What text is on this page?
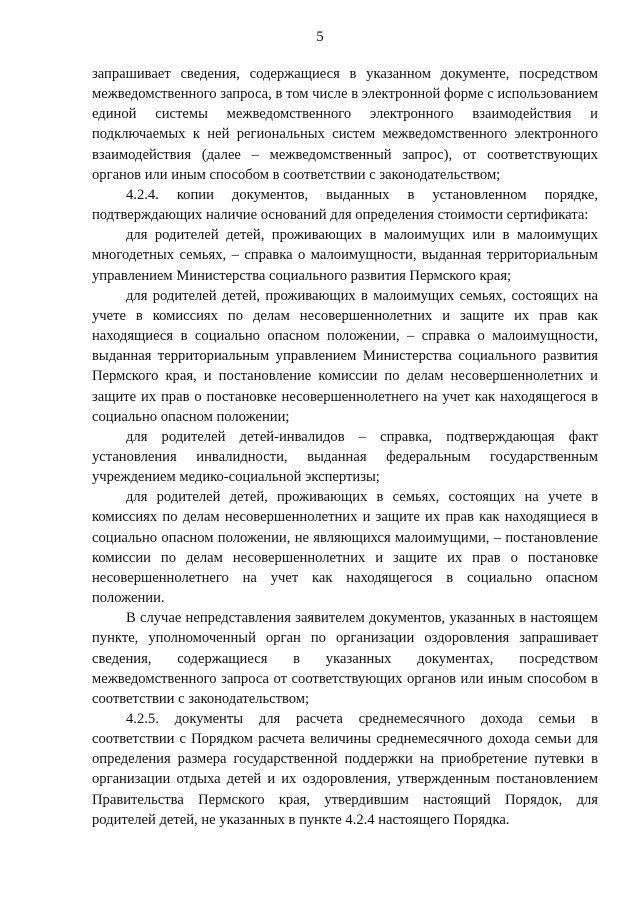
5

запрашивает сведения, содержащиеся в указанном документе, посредством межведомственного запроса, в том числе в электронной форме с использованием единой системы межведомственного электронного взаимодействия и подключаемых к ней региональных систем межведомственного электронного взаимодействия (далее – межведомственный запрос), от соответствующих органов или иным способом в соответствии с законодательством;

4.2.4. копии документов, выданных в установленном порядке, подтверждающих наличие оснований для определения стоимости сертификата:

для родителей детей, проживающих в малоимущих или в малоимущих многодетных семьях, – справка о малоимущности, выданная территориальным управлением Министерства социального развития Пермского края;

для родителей детей, проживающих в малоимущих семьях, состоящих на учете в комиссиях по делам несовершеннолетних и защите их прав как находящиеся в социально опасном положении, – справка о малоимущности, выданная территориальным управлением Министерства социального развития Пермского края, и постановление комиссии по делам несовершеннолетних и защите их прав о постановке несовершеннолетнего на учет как находящегося в социально опасном положении;

для родителей детей-инвалидов – справка, подтверждающая факт установления инвалидности, выданная федеральным государственным учреждением медико-социальной экспертизы;

для родителей детей, проживающих в семьях, состоящих на учете в комиссиях по делам несовершеннолетних и защите их прав как находящиеся в социально опасном положении, не являющихся малоимущими, – постановление комиссии по делам несовершеннолетних и защите их прав о постановке несовершеннолетнего на учет как находящегося в социально опасном положении.

В случае непредставления заявителем документов, указанных в настоящем пункте, уполномоченный орган по организации оздоровления запрашивает сведения, содержащиеся в указанных документах, посредством межведомственного запроса от соответствующих органов или иным способом в соответствии с законодательством;

4.2.5. документы для расчета среднемесячного дохода семьи в соответствии с Порядком расчета величины среднемесячного дохода семьи для определения размера государственной поддержки на приобретение путевки в организации отдыха детей и их оздоровления, утвержденным постановлением Правительства Пермского края, утвердившим настоящий Порядок, для родителей детей, не указанных в пункте 4.2.4 настоящего Порядка.
